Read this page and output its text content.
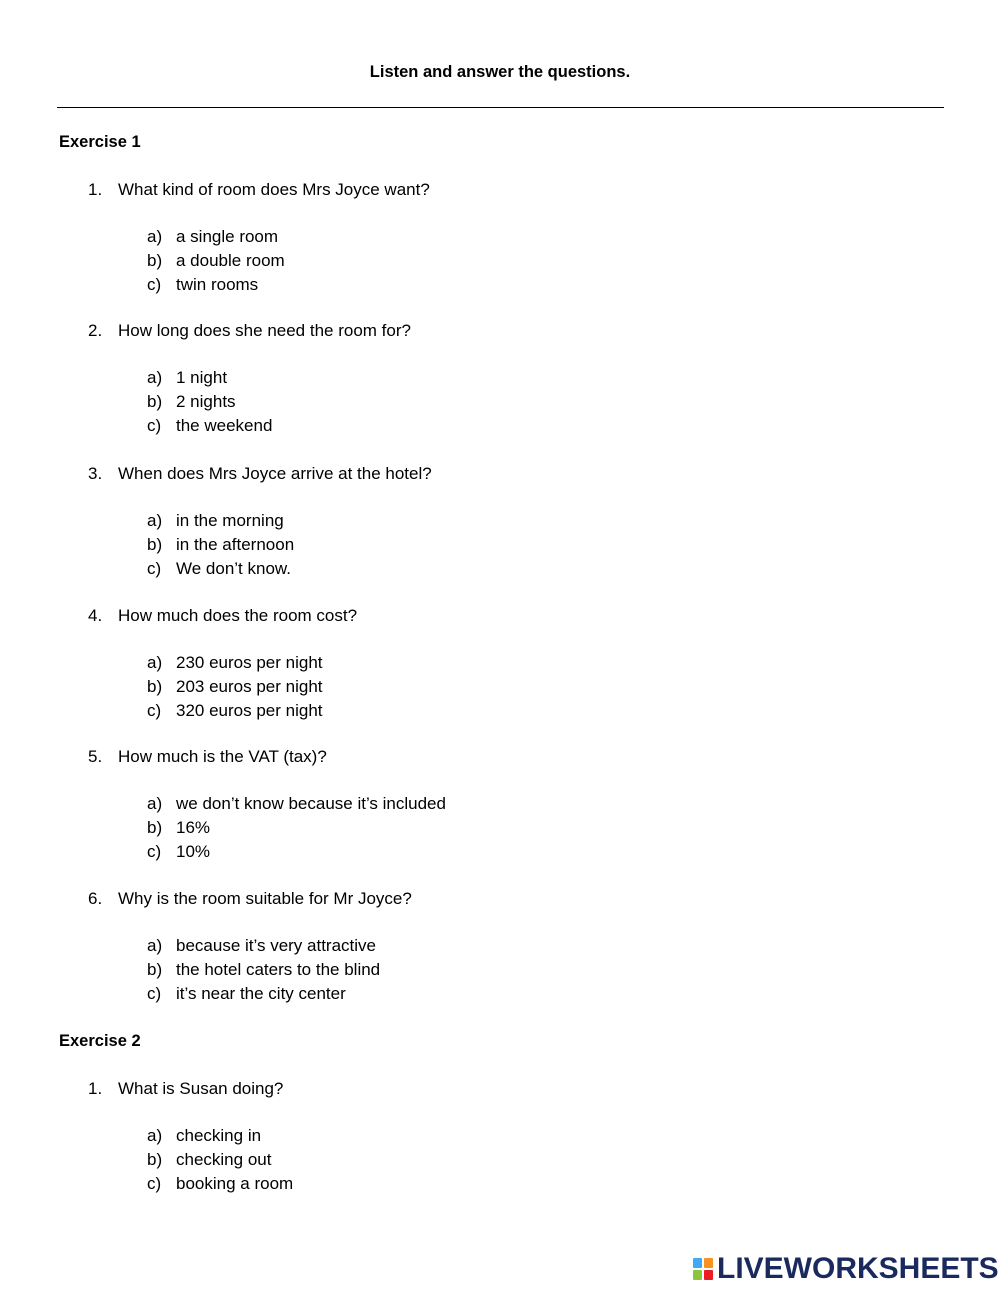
Listen and answer the questions.
Exercise 1
1. What kind of room does Mrs Joyce want?
a) a single room
b) a double room
c) twin rooms
2. How long does she need the room for?
a) 1 night
b) 2 nights
c) the weekend
3. When does Mrs Joyce arrive at the hotel?
a) in the morning
b) in the afternoon
c) We don’t know.
4. How much does the room cost?
a) 230 euros per night
b) 203 euros per night
c) 320 euros per night
5. How much is the VAT (tax)?
a) we don’t know because it’s included
b) 16%
c) 10%
6. Why is the room suitable for Mr Joyce?
a) because it’s very attractive
b) the hotel caters to the blind
c) it’s near the city center
Exercise 2
1. What is Susan doing?
a) checking in
b) checking out
c) booking a room
LIVEWORKSHEETS
